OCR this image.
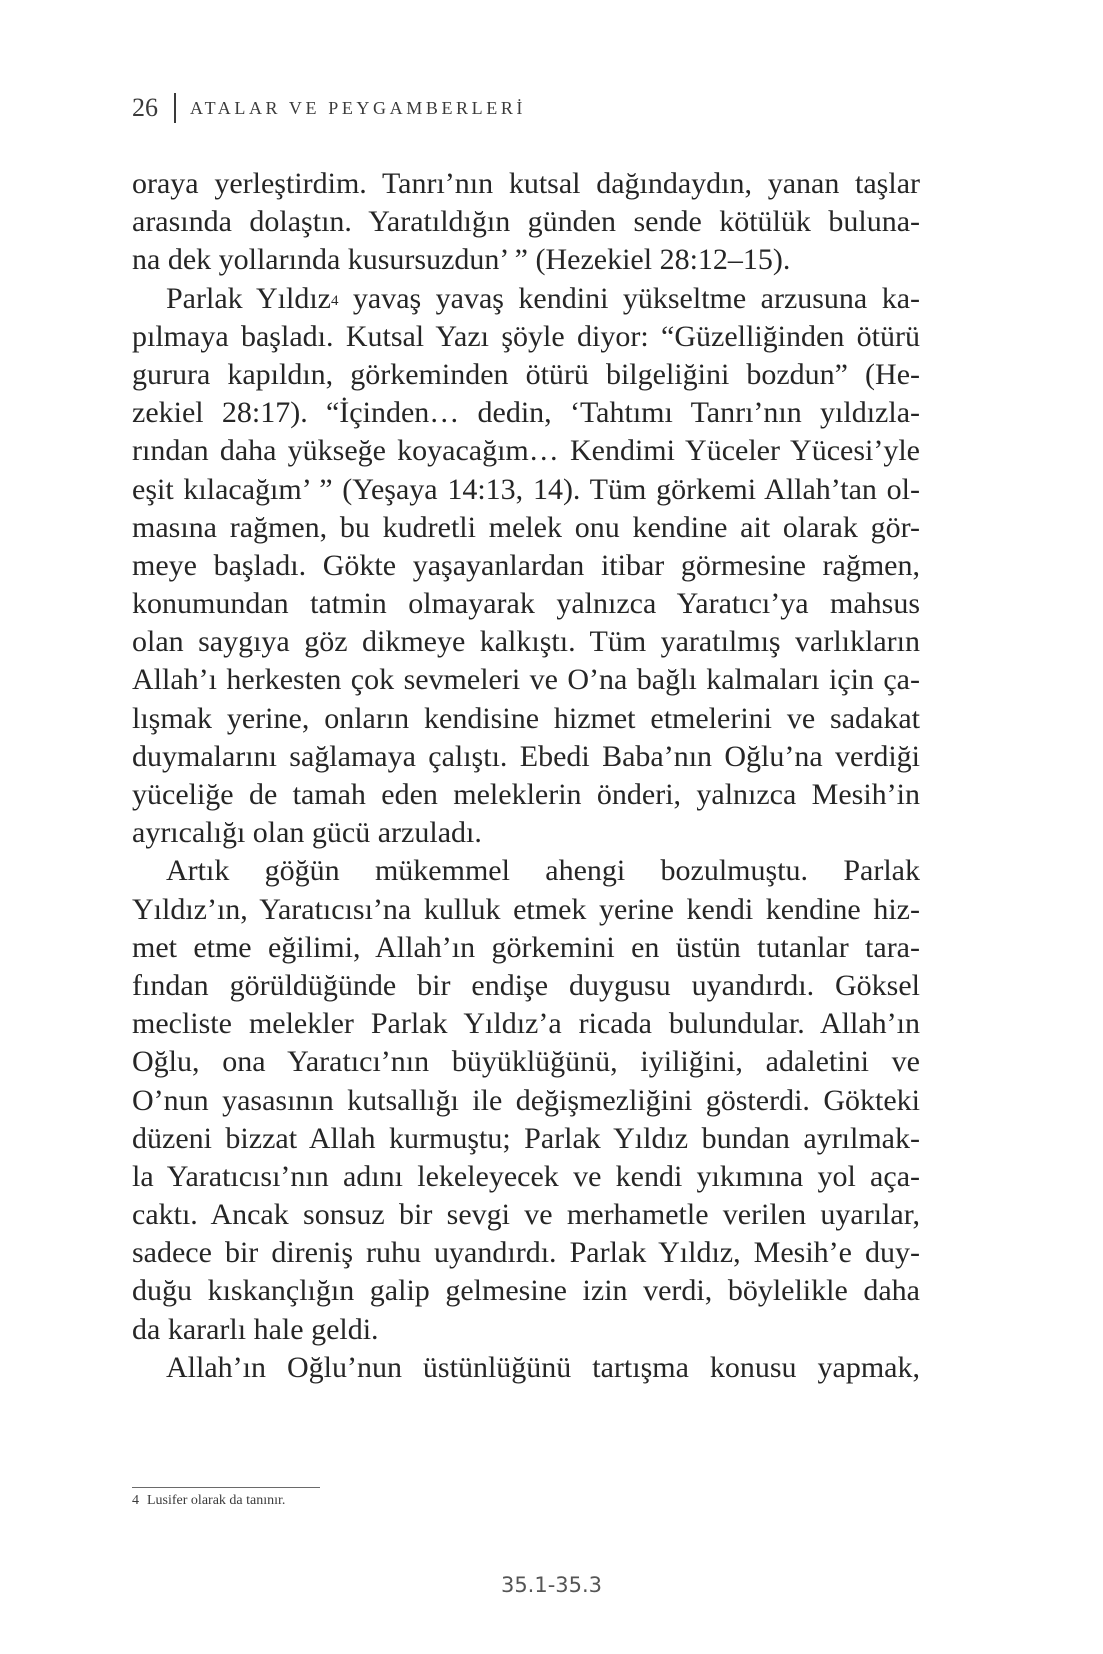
26 ATALAR VE PEYGAMBERLERİ
oraya yerleştirdim. Tanrı’nın kutsal dağındaydın, yanan taşlar
arasında dolaştın. Yaratıldığın günden sende kötülük buluna-
na dek yollarında kusursuzdun’ ” (Hezekiel 28:12–15).
Parlak Yıldız$^4$ yavaş yavaş kendini yükseltme arzusuna ka-
pılmaya başladı. Kutsal Yazı şöyle diyor: “Güzelliğinden ötürü
gurura kapıldın, görkeminden ötürü bilgeliğini bozdun” (He-
zekiel 28:17). “İçinden… dedin, ‘Tahtımı Tanrı’nın yıldızla-
rından daha yükseğe koyacağım… Kendimi Yüceler Yücesi’yle
eşit kılacağım’ ” (Yeşaya 14:13, 14). Tüm görkemi Allah’tan ol-
masına rağmen, bu kudretli melek onu kendine ait olarak gör-
meye başladı. Gökte yaşayanlardan itibar görmesine rağmen,
konumundan tatmin olmayarak yalnızca Yaratıcı’ya mahsus
olan saygıya göz dikmeye kalkıştı. Tüm yaratılmış varlıkların
Allah’ı herkesten çok sevmeleri ve O’na bağlı kalmaları için ça-
lışmak yerine, onların kendisine hizmet etmelerini ve sadakat
duymalarını sağlamaya çalıştı. Ebedi Baba’nın Oğlu’na verdiği
yüceliğe de tamah eden meleklerin önderi, yalnızca Mesih’in
ayrıcalığı olan gücü arzuladı.
Artık göğün mükemmel ahengi bozulmuştu. Parlak
Yıldız’ın, Yaratıcısı’na kulluk etmek yerine kendi kendine hiz-
met etme eğilimi, Allah’ın görkemini en üstün tutanlar tara-
fından görüldüğünde bir endişe duygusu uyandırdı. Göksel
mecliste melekler Parlak Yıldız’a ricada bulundular. Allah’ın
Oğlu, ona Yaratıcı’nın büyüklüğünü, iyiliğini, adaletini ve
O’nun yasasının kutsallığı ile değişmezliğini gösterdi. Gökteki
düzeni bizzat Allah kurmuştu; Parlak Yıldız bundan ayrılmak-
la Yaratıcısı’nın adını lekeleyecek ve kendi yıkımına yol aça-
caktı. Ancak sonsuz bir sevgi ve merhametle verilen uyarılar,
sadece bir direniş ruhu uyandırdı. Parlak Yıldız, Mesih’e duy-
duğu kıskançlığın galip gelmesine izin verdi, böylelikle daha
da kararlı hale geldi.
Allah’ın Oğlu’nun üstünlüğünü tartışma konusu yapmak,
4 Lusifer olarak da tanınır.
35.1-35.3
